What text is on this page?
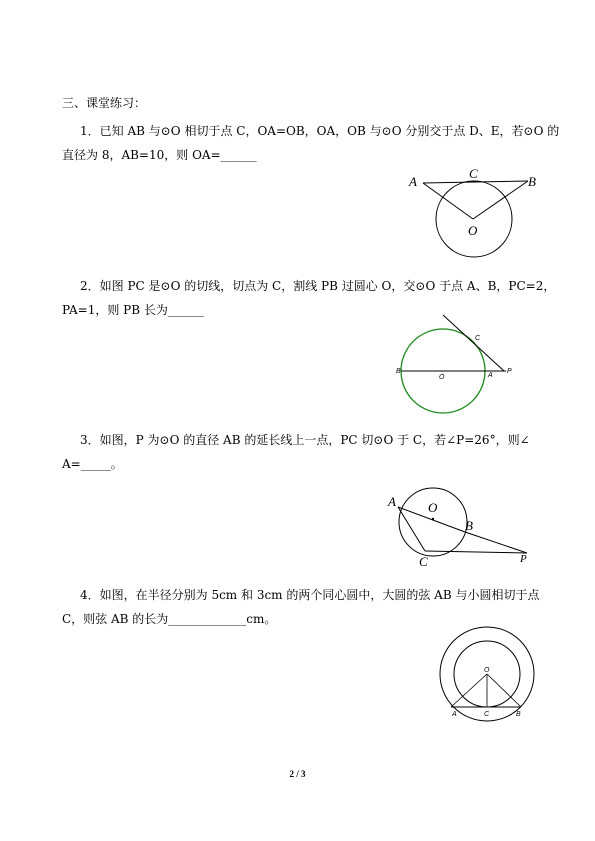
三、课堂练习：
1．已知 AB 与⊙O 相切于点 C，OA=OB，OA，OB 与⊙O 分别交于点 D、E，若⊙O 的
直径为 8，AB=10，则 OA=______
A
C
B
O
2．如图 PC 是⊙O 的切线，切点为 C，割线 PB 过圆心 O，交⊙O 于点 A、B，PC=2，
PA=1，则 PB 长为______
B
O	A
P
C
3．如图，P 为⊙O 的直径 AB 的延长线上一点，PC 切⊙O 于 C，若∠P=26°，则∠
A=_____。
A O
B
C	P
4．如图，在半径分别为 5cm 和 3cm 的两个同心圆中，大圆的弦 AB 与小圆相切于点
C，则弦 AB 的长为_____________cm。
O
A	C	B
2 / 3
